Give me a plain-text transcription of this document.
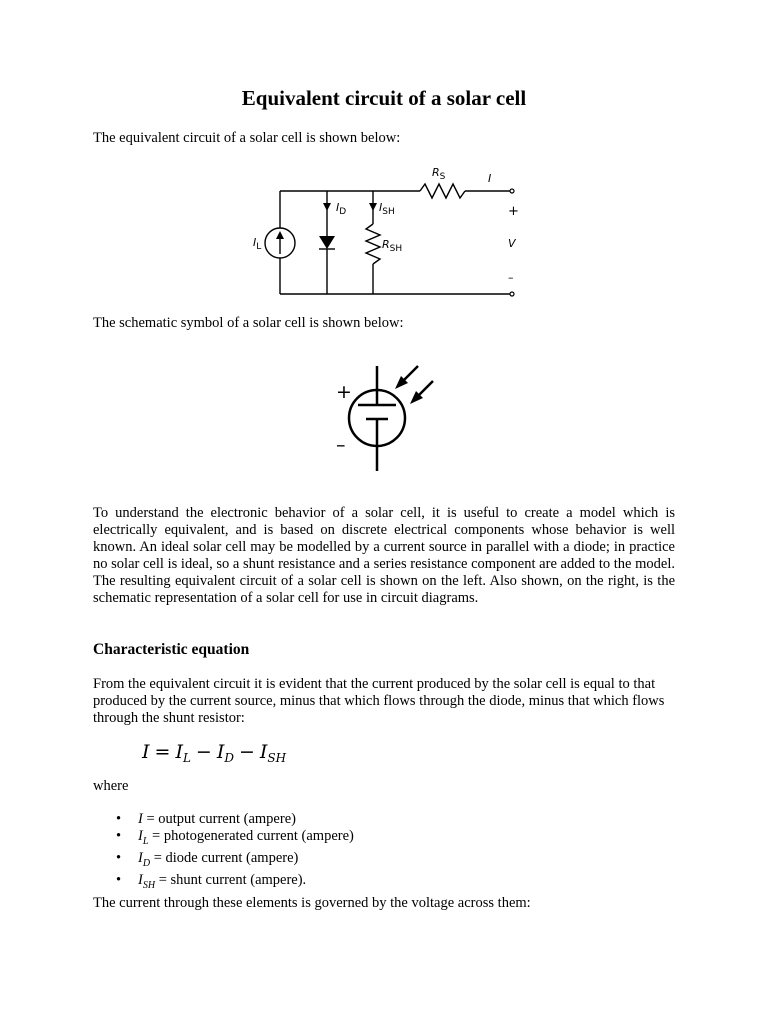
Equivalent circuit of a solar cell

The equivalent circuit of a solar cell is shown below:

$R_S$	I
$I_D$	$I_{SH}$
$I_L$	$R_{SH}$
+
V
–

The schematic symbol of a solar cell is shown below:

+
–

To understand the electronic behavior of a solar cell, it is useful to create a model which is electrically equivalent, and is based on discrete electrical components whose behavior is well known. An ideal solar cell may be modelled by a current source in parallel with a diode; in practice no solar cell is ideal, so a shunt resistance and a series resistance component are added to the model. The resulting equivalent circuit of a solar cell is shown on the left. Also shown, on the right, is the schematic representation of a solar cell for use in circuit diagrams.

Characteristic equation

From the equivalent circuit it is evident that the current produced by the solar cell is equal to that produced by the current source, minus that which flows through the diode, minus that which flows through the shunt resistor:

$I = I_L - I_D - I_{SH}$

where

• I = output current (ampere)
• $I_L$ = photogenerated current (ampere)
• $I_D$ = diode current (ampere)
• $I_{SH}$ = shunt current (ampere).

The current through these elements is governed by the voltage across them:
